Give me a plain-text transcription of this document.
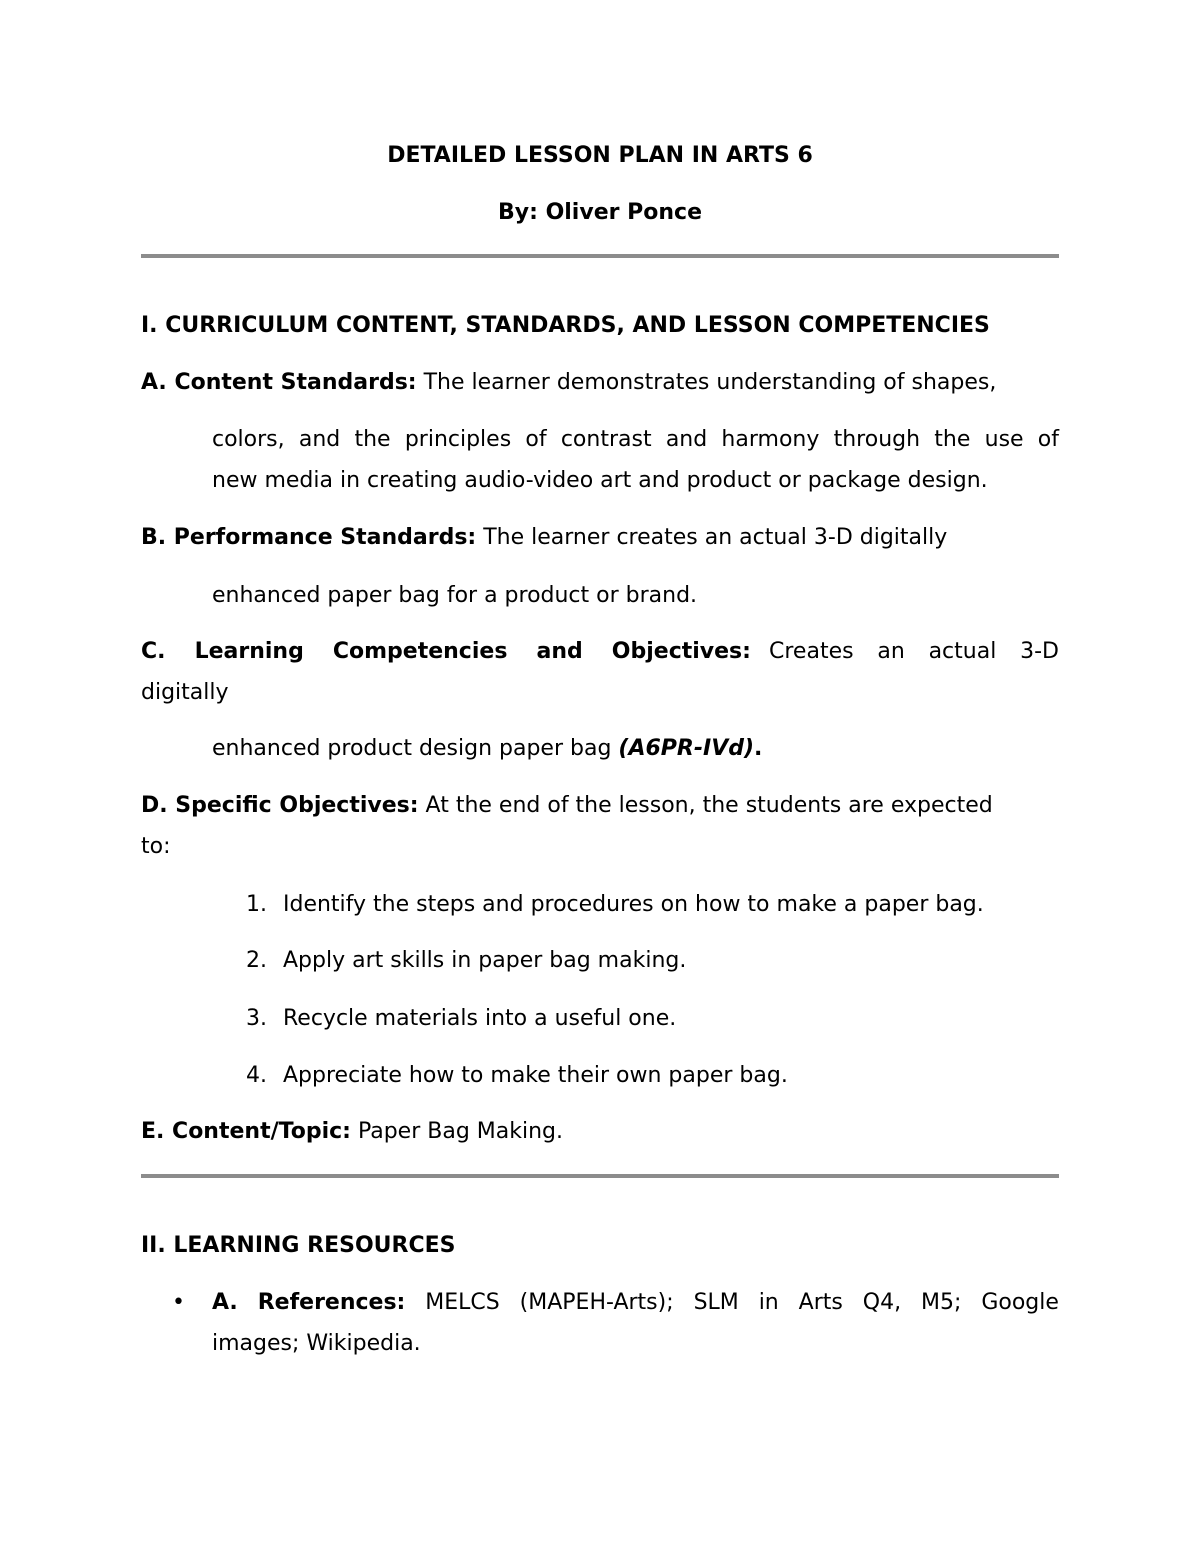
DETAILED LESSON PLAN IN ARTS 6
By: Oliver Ponce
I. CURRICULUM CONTENT, STANDARDS, AND LESSON COMPETENCIES
A. Content Standards: The learner demonstrates understanding of shapes,
colors, and the principles of contrast and harmony through the use of
new media in creating audio-video art and product or package design.
B. Performance Standards: The learner creates an actual 3-D digitally
enhanced paper bag for a product or brand.
C. Learning Competencies and Objectives: Creates an actual 3-D
digitally
enhanced product design paper bag (A6PR-IVd).
D. Specific Objectives: At the end of the lesson, the students are expected
to:
1. Identify the steps and procedures on how to make a paper bag.
2. Apply art skills in paper bag making.
3. Recycle materials into a useful one.
4. Appreciate how to make their own paper bag.
E. Content/Topic: Paper Bag Making.
II. LEARNING RESOURCES
•	A. References: MELCS (MAPEH-Arts); SLM in Arts Q4, M5; Google
images; Wikipedia.
